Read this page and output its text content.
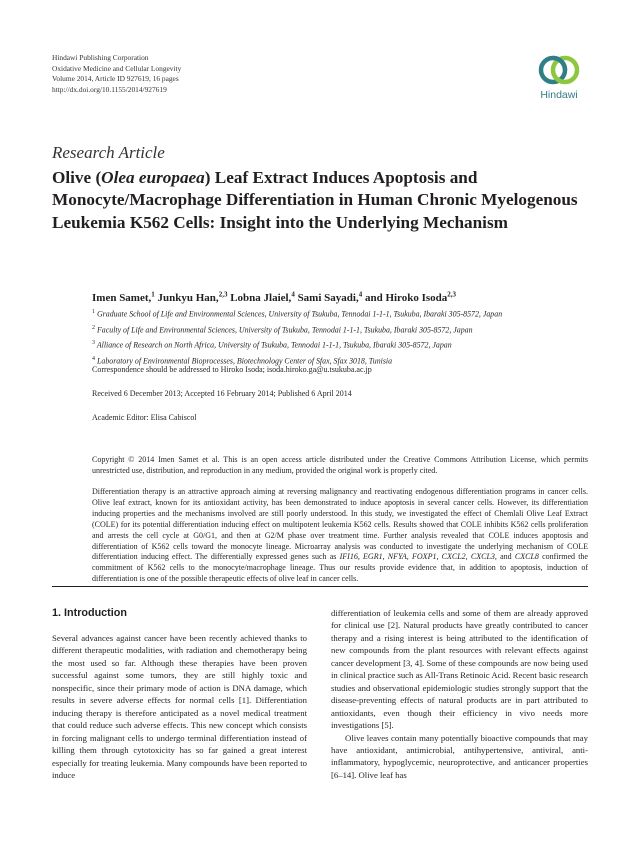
Hindawi Publishing Corporation
Oxidative Medicine and Cellular Longevity
Volume 2014, Article ID 927619, 16 pages
http://dx.doi.org/10.1155/2014/927619	Hindawi
Research Article
Olive (Olea europaea) Leaf Extract Induces Apoptosis and Monocyte/Macrophage Differentiation in Human Chronic Myelogenous Leukemia K562 Cells: Insight into the Underlying Mechanism
Imen Samet,$^1$ Junkyu Han,$^{2,3}$ Lobna Jlaiel,$^4$ Sami Sayadi,$^4$ and Hiroko Isoda$^{2,3}$
$^1$ Graduate School of Life and Environmental Sciences, University of Tsukuba, Tennodai 1-1-1, Tsukuba, Ibaraki 305-8572, Japan
$^2$ Faculty of Life and Environmental Sciences, University of Tsukuba, Tennodai 1-1-1, Tsukuba, Ibaraki 305-8572, Japan
$^3$ Alliance of Research on North Africa, University of Tsukuba, Tennodai 1-1-1, Tsukuba, Ibaraki 305-8572, Japan
$^4$ Laboratory of Environmental Bioprocesses, Biotechnology Center of Sfax, Sfax 3018, Tunisia
Correspondence should be addressed to Hiroko Isoda; isoda.hiroko.ga@u.tsukuba.ac.jp
Received 6 December 2013; Accepted 16 February 2014; Published 6 April 2014
Academic Editor: Elisa Cabiscol
Copyright © 2014 Imen Samet et al. This is an open access article distributed under the Creative Commons Attribution License, which permits unrestricted use, distribution, and reproduction in any medium, provided the original work is properly cited.
Differentiation therapy is an attractive approach aiming at reversing malignancy and reactivating endogenous differentiation programs in cancer cells. Olive leaf extract, known for its antioxidant activity, has been demonstrated to induce apoptosis in several cancer cells. However, its differentiation inducing properties and the mechanisms involved are still poorly understood. In this study, we investigated the effect of Chemlali Olive Leaf Extract (COLE) for its potential differentiation inducing effect on multipotent leukemia K562 cells. Results showed that COLE inhibits K562 cells proliferation and arrests the cell cycle at G0/G1, and then at G2/M phase over treatment time. Further analysis revealed that COLE induces apoptosis and differentiation of K562 cells toward the monocyte lineage. Microarray analysis was conducted to investigate the underlying mechanism of COLE differentiation inducing effect. The differentially expressed genes such as IFI16, EGR1, NFYA, FOXP1, CXCL2, CXCL3, and CXCL8 confirmed the commitment of K562 cells to the monocyte/macrophage lineage. Thus our results provide evidence that, in addition to apoptosis, induction of differentiation is one of the possible therapeutic effects of olive leaf in cancer cells.
1. Introduction

Several advances against cancer have been recently achieved thanks to different therapeutic modalities, with radiation and chemotherapy being the most used so far. Although these therapies have been proven successful against some tumors, they are still highly toxic and nonspecific, since their primary mode of action is DNA damage, which results in severe adverse effects for normal cells [1]. Differentiation inducing therapy is therefore anticipated as a novel medical treatment that could reduce such adverse effects. This new concept which consists in forcing malignant cells to undergo terminal differentiation instead of killing them through cytotoxicity has so far gained a great interest especially for treating leukemia. Many compounds have been reported to induce

differentiation of leukemia cells and some of them are already approved for clinical use [2]. Natural products have greatly contributed to cancer therapy and a rising interest is being attributed to the identification of new compounds from the plant resources with relevant effects against cancer development [3, 4]. Some of these compounds are now being used in clinical practice such as All-Trans Retinoic Acid. Recent basic research studies and observational epidemiologic studies strongly support that the disease-preventing effects of natural products are in part attributed to antioxidants, even though their efficiency in vivo needs more investigations [5].

Olive leaves contain many potentially bioactive compounds that may have antioxidant, antimicrobial, antihypertensive, antiviral, anti-inflammatory, hypoglycemic, neuroprotective, and anticancer properties [6–14]. Olive leaf has
